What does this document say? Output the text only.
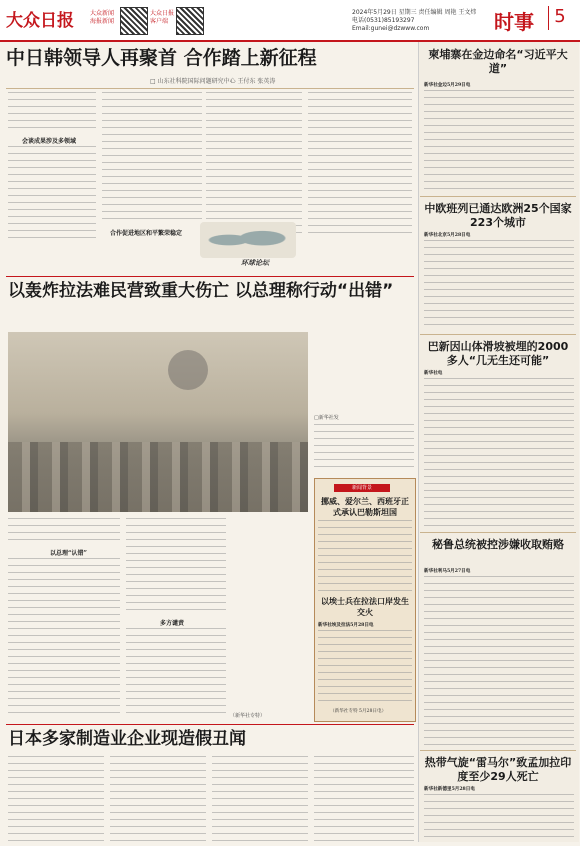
大众日报	大众新闻 海报新闻
大众日报 客户端
2024年5月29日 星期三 责任编辑 周艳 王文炜
电话(0531)85193297 Email:gunei@dzwww.com	时事	5
中日韩领导人再聚首 合作踏上新征程
□ 山东社科院国际问题研究中心 王付东 张英涛
会谈成果涉及多领域
合作促进地区和平繁荣稳定
环球论坛
以轰炸拉法难民营致重大伤亡 以总理称行动“出错”
□新华社发
以总理“认错”
多方谴责
（新华社专特）
新闻背景
挪威、爱尔兰、西班牙正式承认巴勒斯坦国
以埃士兵在拉法口岸发生交火
新华社埃及拉法5月28日电
（新华社专特 5月28日电）
日本多家制造业企业现造假丑闻
柬埔寨在金边命名“习近平大道”
新华社金边5月29日电
中欧班列已通达欧洲25个国家223个城市
新华社北京5月28日电
巴新因山体滑坡被埋的2000多人“几无生还可能”
新华社电
秘鲁总统被控涉嫌收取贿赂
新华社利马5月27日电
热带气旋“雷马尔”致孟加拉印度至少29人死亡
新华社新德里5月28日电
